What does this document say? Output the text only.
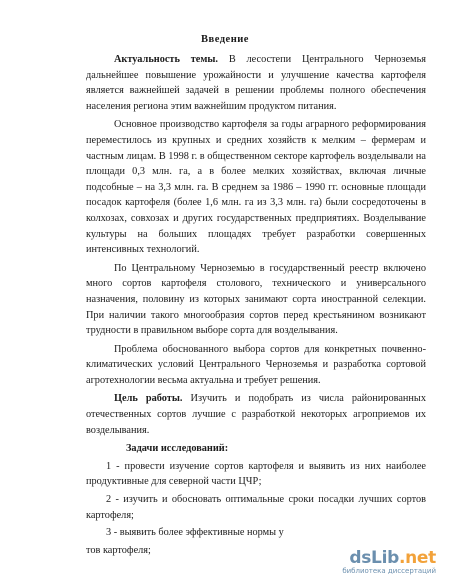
Введение

Актуальность темы. В лесостепи Центрального Черноземья дальнейшее повышение урожайности и улучшение качества картофеля является важнейшей задачей в решении проблемы полного обеспечения населения региона этим важнейшим продуктом питания.

Основное производство картофеля за годы аграрного реформирования переместилось из крупных и средних хозяйств к мелким – фермерам и частным лицам. В 1998 г. в общественном секторе картофель возделывали на площади 0,3 млн. га, а в более мелких хозяйствах, включая личные подсобные – на 3,3 млн. га. В среднем за 1986 – 1990 гг. основные площади посадок картофеля (более 1,6 млн. га из 3,3 млн. га) были сосредоточены в колхозах, совхозах и других государственных предприятиях. Возделывание культуры на больших площадях требует разработки совершенных интенсивных технологий.

По Центральному Черноземью в государственный реестр включено много сортов картофеля столового, технического и универсального назначения, половину из которых занимают сорта иностранной селекции. При наличии такого многообразия сортов перед крестьянином возникают трудности в правильном выборе сорта для возделывания.

Проблема обоснованного выбора сортов для конкретных почвенно-климатических условий Центрального Черноземья и разработка сортовой агротехнологии весьма актуальна и требует решения.

Цель работы. Изучить и подобрать из числа районированных отечественных сортов лучшие с разработкой некоторых агроприемов их возделывания.

Задачи исследований:

1 - провести изучение сортов картофеля и выявить из них наиболее продуктивные для северной части ЦЧР;

2 - изучить и обосновать оптимальные сроки посадки лучших сортов картофеля;

3 - выявить более эффективные нормы у

тов картофеля;	dsLib.net
библиотека диссертаций
